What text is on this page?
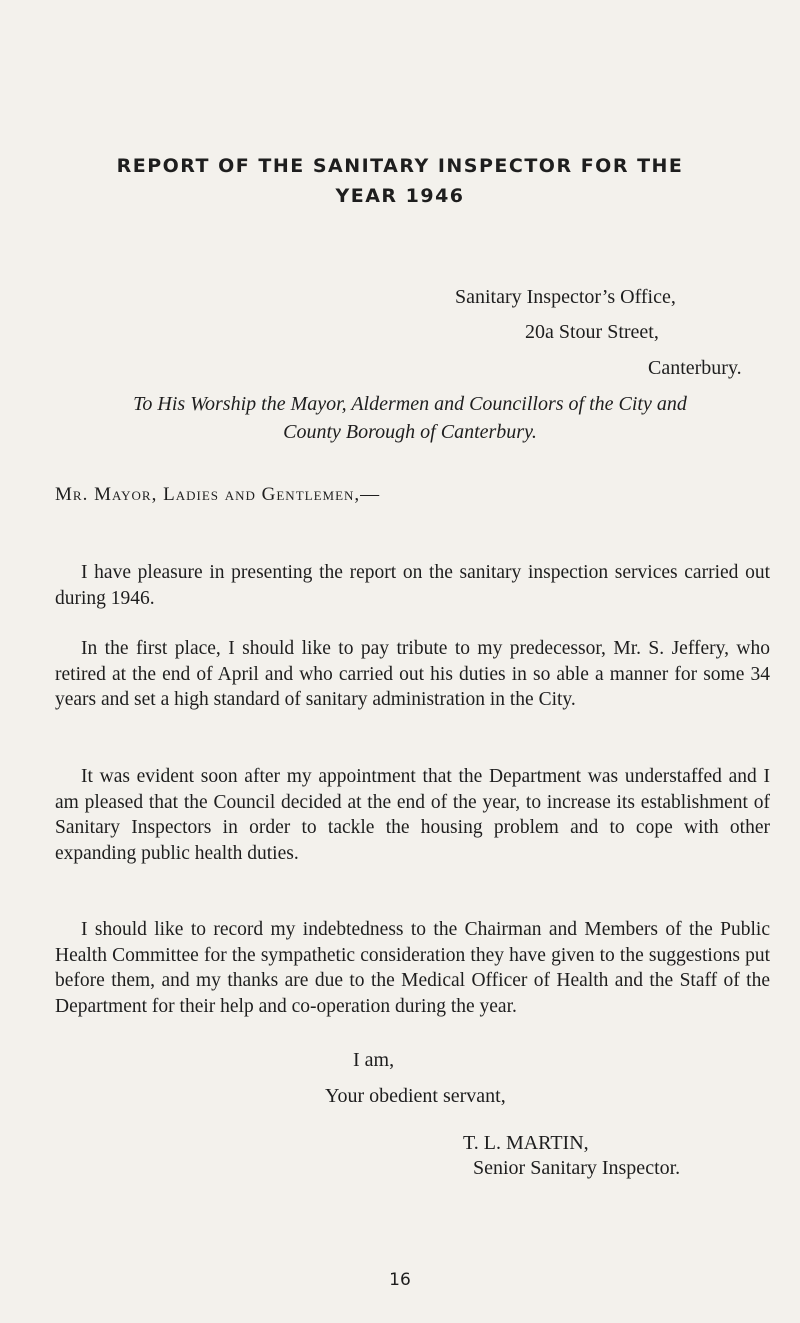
REPORT OF THE SANITARY INSPECTOR FOR THE
YEAR 1946
Sanitary Inspector’s Office,
20a Stour Street,
Canterbury.
To His Worship the Mayor, Aldermen and Councillors of the City and
County Borough of Canterbury.
Mr. Mayor, Ladies and Gentlemen,—

I have pleasure in presenting the report on the sanitary inspection services carried out during 1946.

In the first place, I should like to pay tribute to my predecessor, Mr. S. Jeffery, who retired at the end of April and who carried out his duties in so able a manner for some 34 years and set a high standard of sanitary administration in the City.

It was evident soon after my appointment that the Department was understaffed and I am pleased that the Council decided at the end of the year, to increase its establishment of Sanitary Inspectors in order to tackle the housing problem and to cope with other expanding public health duties.

I should like to record my indebtedness to the Chairman and Members of the Public Health Committee for the sympathetic consideration they have given to the suggestions put before them, and my thanks are due to the Medical Officer of Health and the Staff of the Department for their help and co-operation during the year.

I am,
Your obedient servant,
T. L. MARTIN,
Senior Sanitary Inspector.
16
